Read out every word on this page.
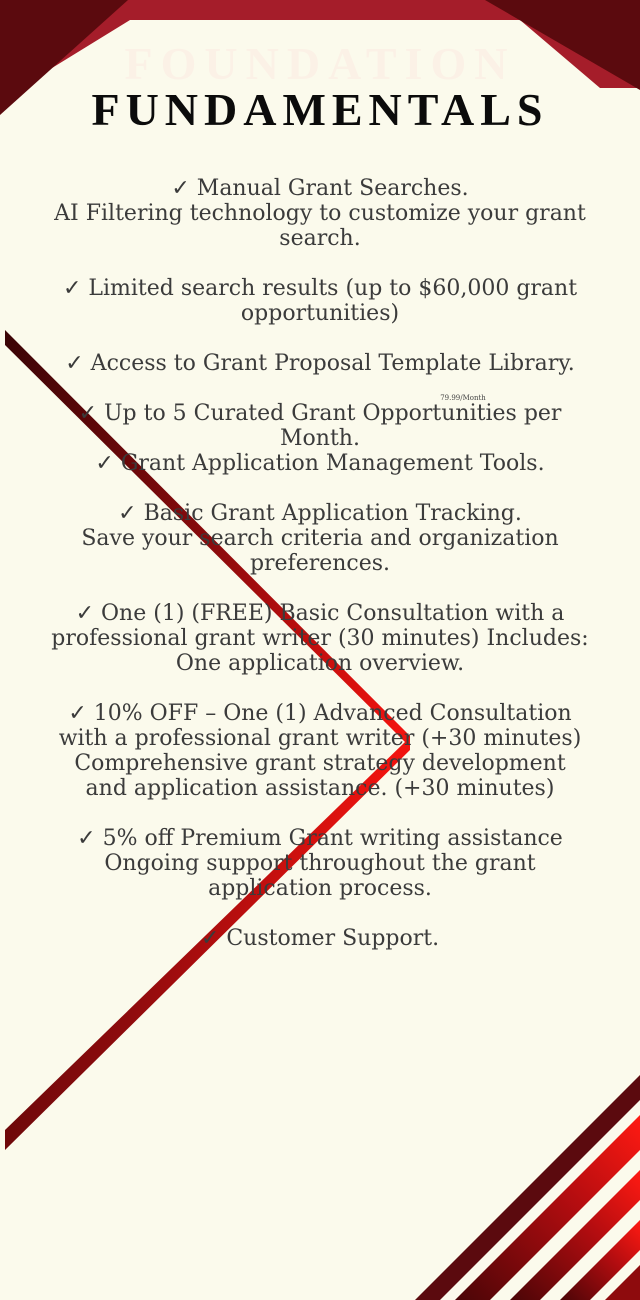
FOUNDATION
FUNDAMENTALS
79.99/Month

✓ Manual Grant Searches.
AI Filtering technology to customize your grant
search.

✓ Limited search results (up to $60,000 grant
opportunities)

✓ Access to Grant Proposal Template Library.

✓ Up to 5 Curated Grant Opportunities per
Month.
✓ Grant Application Management Tools.

✓ Basic Grant Application Tracking.
Save your search criteria and organization
preferences.

✓ One (1) (FREE) Basic Consultation with a
professional grant writer (30 minutes) Includes:
One application overview.

✓ 10% OFF – One (1) Advanced Consultation
with a professional grant writer (+30 minutes)
Comprehensive grant strategy development
and application assistance. (+30 minutes)

✓ 5% off Premium Grant writing assistance
Ongoing support throughout the grant
application process.

✓ Customer Support.
